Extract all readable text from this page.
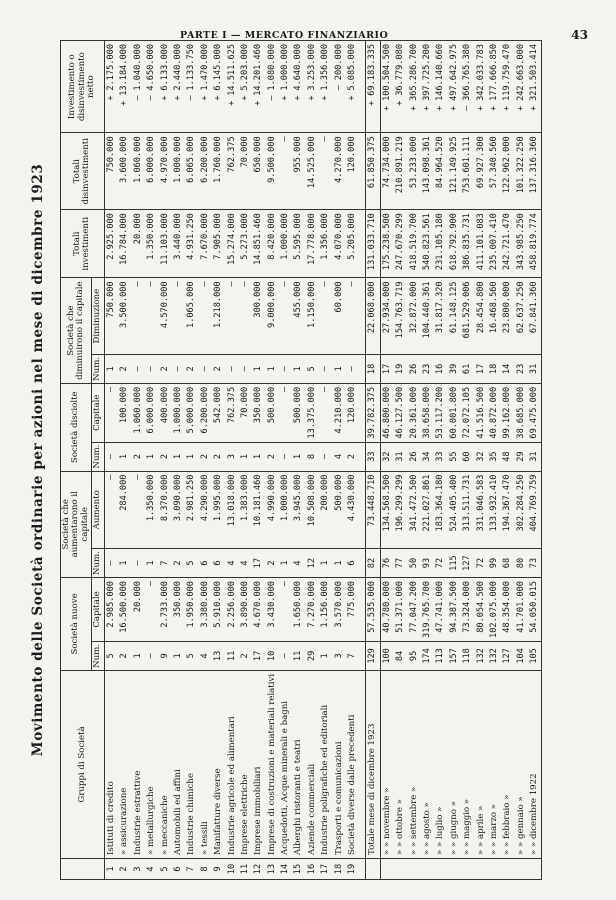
PARTE I — MERCATO FINANZIARIO	43
Movimento delle Società ordinarie per azioni nel mese di dicembre 1923
	Gruppi di Società	Società nuove		Società che aumentarono il capitale		Società disciolte		Società che diminuirono il capitale		Totali investimenti	Totali disinvestimenti	Investimento o disinvestimento netto
		Num.	Capitale	Num.	Aumento	Num.	Capitale	Num.	Diminuzione			
1	Istituti di credito	5	2.985.000	—	—	—	—	1	750.000	2.925.000	750.000	+2.175.000
2	» assicurazione	2	16.500.000	1	284.000	1	100.000	2	3.500.000	16.784.000	3.600.000	+13.184.000
3	Industrie estrattive	1	20.000	—	—	2	1.060.000	—	—	20.000	1.060.000	—1.040.000
4	» metallurgiche	—	—	1	1.350.000	1	6.000.000	—	—	1.350.000	6.000.000	—4.650.000
5	» meccaniche	9	2.733.000	7	8.370.000	2	400.000	2	4.570.000	11.103.000	4.970.000	+6.133.000
6	Automobili ed affini	1	350.000	2	3.090.000	1	1.000.000	—	—	3.440.000	1.000.000	+2.440.000
7	Industrie chimiche	5	1.950.000	5	2.981.250	1	5.000.000	2	1.065.000	4.931.250	6.065.000	—1.133.750
8	» tessili	4	3.380.000	6	4.290.000	2	6.200.000	—	—	7.670.000	6.200.000	+1.470.000
9	Manifatture diverse	13	5.910.000	6	1.995.000	2	542.000	2	1.218.000	7.905.000	1.760.000	+6.145.000
10	Industrie agricole ed alimentari	11	2.256.000	4	13.018.000	3	762.375	—	—	15.274.000	762.375	+14.511.625
11	Imprese elettriche	2	3.890.000	4	1.383.000	1	70.000	—	—	5.273.000	70.000	+5.203.000
12	Imprese immobiliari	17	4.670.000	17	10.181.460	1	350.000	1	300.000	14.851.460	650.000	+14.201.460
13	Imprese di costruzioni e materiali relativi	10	3.430.000	2	4.990.000	2	500.000	1	9.000.000	8.420.000	9.500.000	—1.080.000
14	Acquedotti, Acque minerali e bagni	—	—	1	1.000.000	—	—	—	—	1.000.000	—	+1.000.000
15	Alberghi ristoranti e teatri	11	1.650.000	4	3.945.000	1	500.000	1	455.000	5.595.000	955.000	+4.640.000
16	Aziende commerciali	29	7.270.000	12	10.508.000	8	13.375.000	5	1.150.000	17.778.000	14.525.000	+3.253.000
17	Industrie poligrafiche ed editoriali	1	1.156.000	1	200.000	—	—	—	—	1.356.000	—	+1.356.000
18	Trasporti e comunicazioni	3	3.570.000	1	500.000	4	4.210.000	1	60.000	4.070.000	4.270.000	—200.000
19	Società diverse dalle precedenti	7	775.000	6	4.430.000	2	120.000	—	—	5.205.000	120.000	+5.085.000

	Totale mese di dicembre 1923	129	57.535.000	82	73.448.710	33	39.782.375	18	22.068.000	131.033.710	61.850.375	+69.183.335
	» » novembre »	100	40.780.000	76	134.568.500	32	46.800.000	17	27.934.000	175.238.500	74.734.000	+100.504.500
	» » ottobre »	84	51.371.000	77	196.299.299	31	46.127.500	19	154.763.719	247.670.299	210.891.219	+36.779.080
	» » settembre »	95	77.047.200	50	341.472.500	26	20.361.000	26	32.872.000	418.519.700	53.233.000	+365.286.700
	» » agosto »	174	319.765.700	93	221.027.861	34	38.658.000	23	104.440.361	540.823.561	143.098.361	+397.725.200
	» » luglio »	113	47.741.000	72	183.364.180	33	53.117.200	16	31.817.320	231.105.180	84.964.520	+146.140.660
	» » giugno »	157	94.387.500	115	524.405.400	55	60.001.800	39	61.148.125	618.792.900	121.149.925	+497.642.975
	» » maggio »	118	73.324.000	127	313.511.731	60	72.072.105	61	681.529.006	386.835.731	753.601.111	—366.765.380
	» » aprile »	132	80.054.500	72	331.046.583	32	41.516.500	17	28.454.800	411.101.083	69.927.300	+342.033.783
	» » marzo »	132	102.075.000	99	133.932.410	35	40.872.000	18	16.468.560	235.007.410	57.340.560	+177.666.850
	» » febbraio »	127	48.354.000	68	194.367.470	48	99.162.000	14	23.800.000	242.721.470	122.962.000	+119.759.470
	» » gennaio »	104	41.701.000	80	302.284.250	29	38.685.000	23	62.637.250	343.985.250	101.322.250	+242.663.000
	» » dicembre 1922	105	54.050.015	73	404.769.759	31	69.475.000	31	67.841.360	458.819.774	137.316.360	+321.503.414
